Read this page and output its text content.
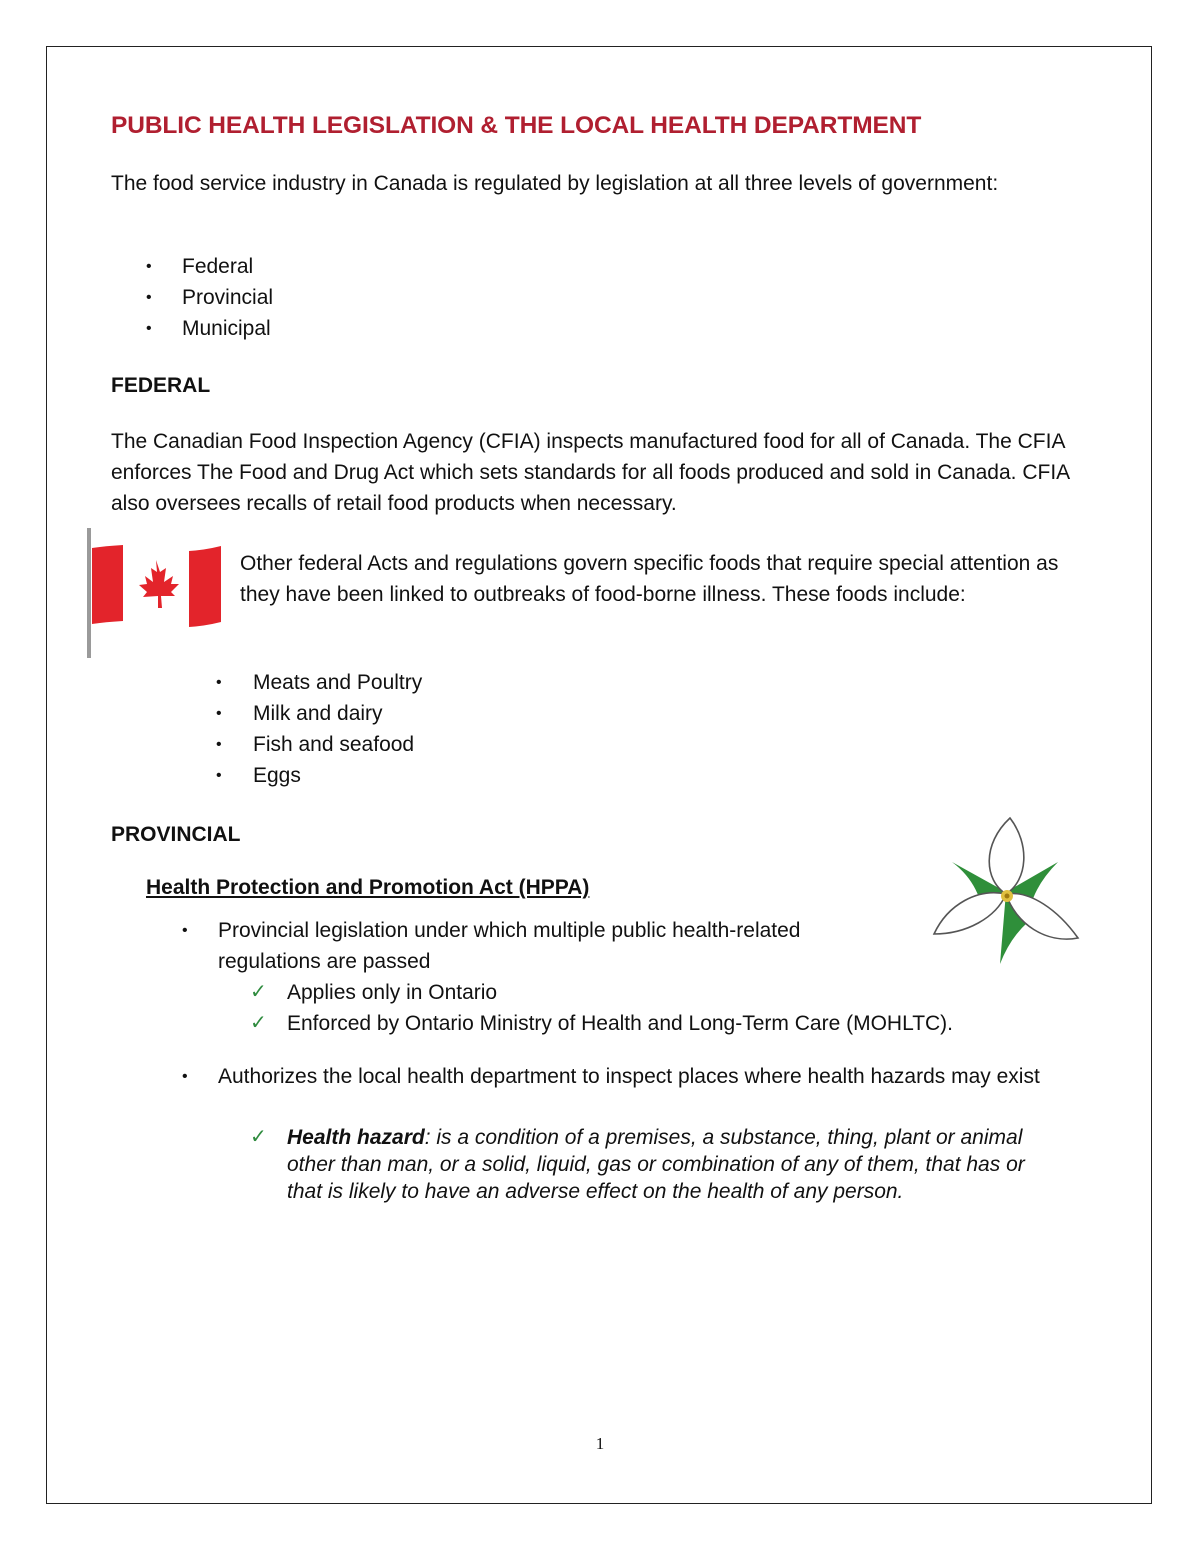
PUBLIC HEALTH LEGISLATION & THE LOCAL HEALTH DEPARTMENT

The food service industry in Canada is regulated by legislation at all three levels of government:

• Federal
• Provincial
• Municipal
FEDERAL

The Canadian Food Inspection Agency (CFIA) inspects manufactured food for all of Canada. The CFIA enforces The Food and Drug Act which sets standards for all foods produced and sold in Canada. CFIA also oversees recalls of retail food products when necessary.

Other federal Acts and regulations govern specific foods that require special attention as they have been linked to outbreaks of food-borne illness. These foods include:

• Meats and Poultry
• Milk and dairy
• Fish and seafood
• Eggs
PROVINCIAL
Health Protection and Promotion Act (HPPA)
• Provincial legislation under which multiple public health-related regulations are passed

✓ Applies only in Ontario
✓ Enforced by Ontario Ministry of Health and Long-Term Care (MOHLTC).
• Authorizes the local health department to inspect places where health hazards may exist

✓ Health hazard: is a condition of a premises, a substance, thing, plant or animal other than man, or a solid, liquid, gas or combination of any of them, that has or that is likely to have an adverse effect on the health of any person.

1
